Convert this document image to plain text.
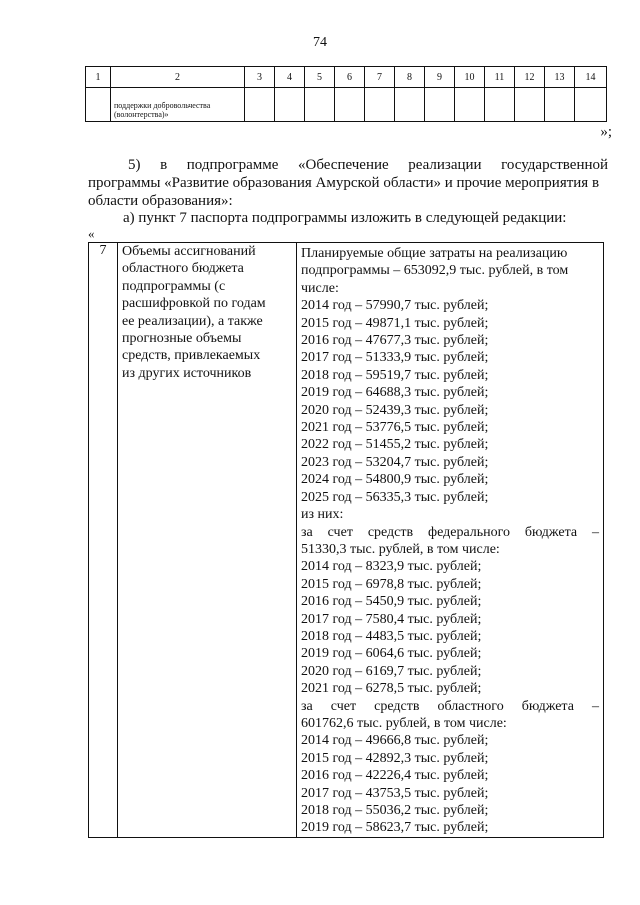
74
1	2	3	4	5	6	7	8	9	10	11	12	13	14

	поддержки добровольчества
(волонтерства)»												

»;
5) в подпрограмме «Обеспечение реализации государственной
программы «Развитие образования Амурской области» и прочие мероприятия в
области образования»:
а) пункт 7 паспорта подпрограммы изложить в следующей редакции:
«
7	Объемы ассигнований
областного бюджета
подпрограммы (с
расшифровкой по годам
ее реализации), а также
прогнозные объемы
средств, привлекаемых
из других источников

Планируемые общие затраты на реализацию
подпрограммы – 653092,9 тыс. рублей, в том
числе:
2014 год – 57990,7 тыс. рублей;
2015 год – 49871,1 тыс. рублей;
2016 год – 47677,3 тыс. рублей;
2017 год – 51333,9 тыс. рублей;
2018 год – 59519,7 тыс. рублей;
2019 год – 64688,3 тыс. рублей;
2020 год – 52439,3 тыс. рублей;
2021 год – 53776,5 тыс. рублей;
2022 год – 51455,2 тыс. рублей;
2023 год – 53204,7 тыс. рублей;
2024 год – 54800,9 тыс. рублей;
2025 год – 56335,3 тыс. рублей;
из них:
за счет средств федерального бюджета –
51330,3 тыс. рублей, в том числе:
2014 год – 8323,9 тыс. рублей;
2015 год – 6978,8 тыс. рублей;
2016 год – 5450,9 тыс. рублей;
2017 год – 7580,4 тыс. рублей;
2018 год – 4483,5 тыс. рублей;
2019 год – 6064,6 тыс. рублей;
2020 год – 6169,7 тыс. рублей;
2021 год – 6278,5 тыс. рублей;
за счет средств областного бюджета –
601762,6 тыс. рублей, в том числе:
2014 год – 49666,8 тыс. рублей;
2015 год – 42892,3 тыс. рублей;
2016 год – 42226,4 тыс. рублей;
2017 год – 43753,5 тыс. рублей;
2018 год – 55036,2 тыс. рублей;
2019 год – 58623,7 тыс. рублей;
